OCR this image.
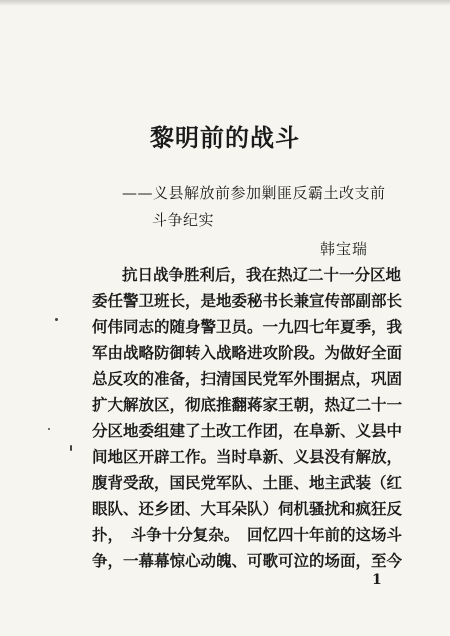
黎明前的战斗
——义县解放前参加剿匪反霸土改支前
斗争纪实
韩宝瑞
抗日战争胜利后，我在热辽二十一分区地
委任警卫班长，是地委秘书长兼宣传部副部长
何伟同志的随身警卫员。一九四七年夏季，我
军由战略防御转入战略进攻阶段。为做好全面
总反攻的准备，扫清国民党军外围据点，巩固
扩大解放区，彻底推翻蒋家王朝，热辽二十一
分区地委组建了土改工作团，在阜新、义县中
间地区开辟工作。当时阜新、义县没有解放，
腹背受敌，国民党军队、土匪、地主武装（红
眼队、还乡团、大耳朵队）伺机骚扰和疯狂反
扑，　斗争十分复杂。　回忆四十年前的这场斗
争，一幕幕惊心动魄、可歌可泣的场面，至今
1
